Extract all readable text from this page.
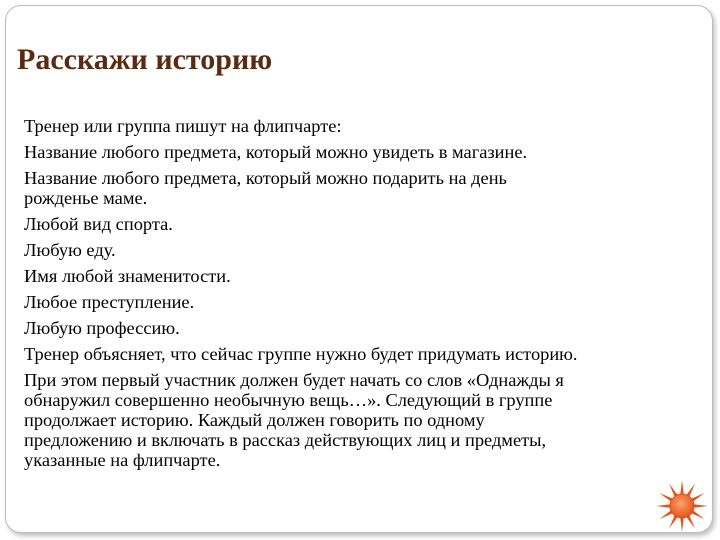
Расскажи историю

Тренер или группа пишут на флипчарте:

Название любого предмета, который можно увидеть в магазине.

Название любого предмета, который можно подарить на день
рожденье маме.

Любой вид спорта.

Любую еду.

Имя любой знаменитости.

Любое преступление.

Любую профессию.

Тренер объясняет, что сейчас группе нужно будет придумать историю.

При этом первый участник должен будет начать со слов «Однажды я
обнаружил совершенно необычную вещь…». Следующий в группе
продолжает историю. Каждый должен говорить по одному
предложению и включать в рассказ действующих лиц и предметы,
указанные на флипчарте.
